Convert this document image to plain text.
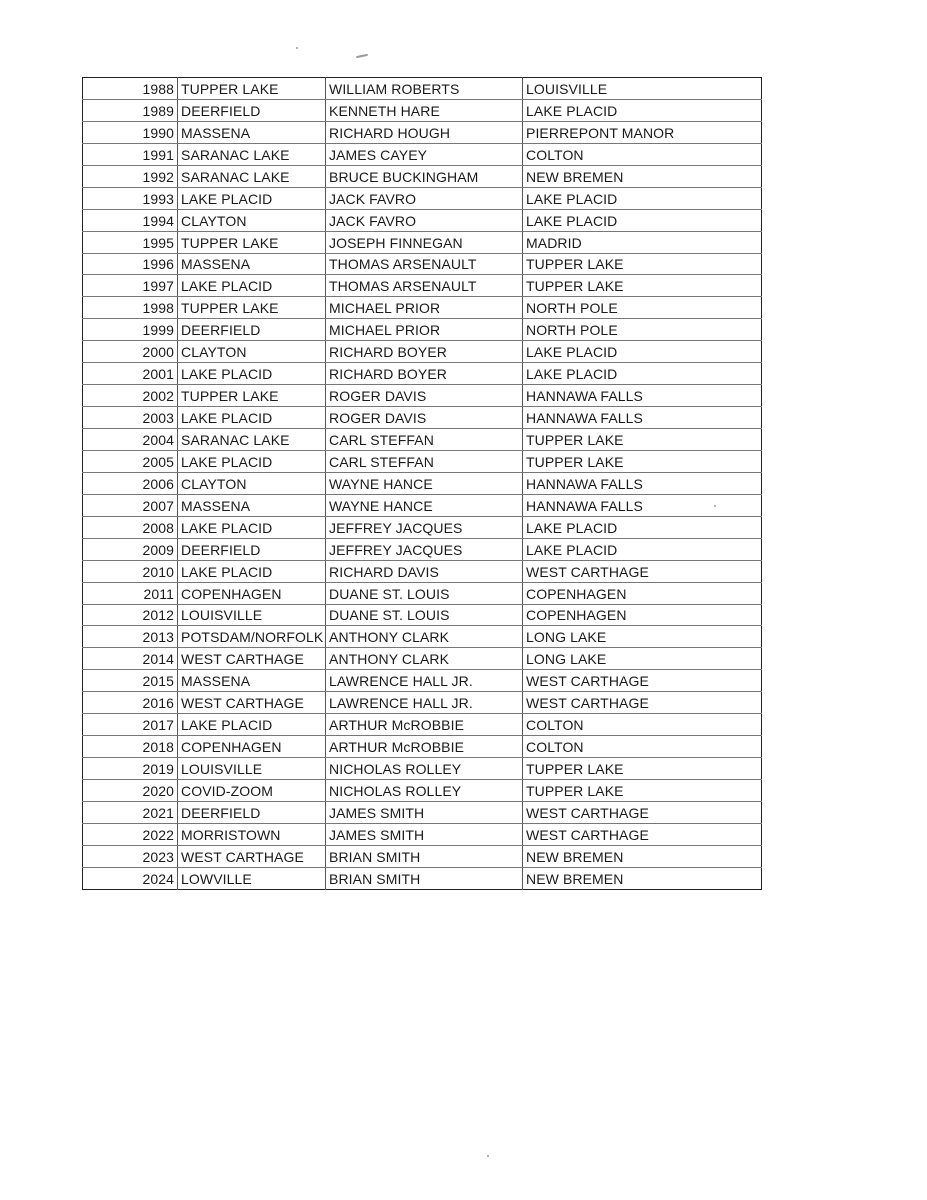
1988	TUPPER LAKE	WILLIAM ROBERTS	LOUISVILLE
1989	DEERFIELD	KENNETH HARE	LAKE PLACID
1990	MASSENA	RICHARD HOUGH	PIERREPONT MANOR
1991	SARANAC LAKE	JAMES CAYEY	COLTON
1992	SARANAC LAKE	BRUCE BUCKINGHAM	NEW BREMEN
1993	LAKE PLACID	JACK FAVRO	LAKE PLACID
1994	CLAYTON	JACK FAVRO	LAKE PLACID
1995	TUPPER LAKE	JOSEPH FINNEGAN	MADRID
1996	MASSENA	THOMAS ARSENAULT	TUPPER LAKE
1997	LAKE PLACID	THOMAS ARSENAULT	TUPPER LAKE
1998	TUPPER LAKE	MICHAEL PRIOR	NORTH POLE
1999	DEERFIELD	MICHAEL PRIOR	NORTH POLE
2000	CLAYTON	RICHARD BOYER	LAKE PLACID
2001	LAKE PLACID	RICHARD BOYER	LAKE PLACID
2002	TUPPER LAKE	ROGER DAVIS	HANNAWA FALLS
2003	LAKE PLACID	ROGER DAVIS	HANNAWA FALLS
2004	SARANAC LAKE	CARL STEFFAN	TUPPER LAKE
2005	LAKE PLACID	CARL STEFFAN	TUPPER LAKE
2006	CLAYTON	WAYNE HANCE	HANNAWA FALLS
2007	MASSENA	WAYNE HANCE	HANNAWA FALLS
2008	LAKE PLACID	JEFFREY JACQUES	LAKE PLACID
2009	DEERFIELD	JEFFREY JACQUES	LAKE PLACID
2010	LAKE PLACID	RICHARD DAVIS	WEST CARTHAGE
2011	COPENHAGEN	DUANE ST. LOUIS	COPENHAGEN
2012	LOUISVILLE	DUANE ST. LOUIS	COPENHAGEN
2013	POTSDAM/NORFOLK	ANTHONY CLARK	LONG LAKE
2014	WEST CARTHAGE	ANTHONY CLARK	LONG LAKE
2015	MASSENA	LAWRENCE HALL JR.	WEST CARTHAGE
2016	WEST CARTHAGE	LAWRENCE HALL JR.	WEST CARTHAGE
2017	LAKE PLACID	ARTHUR McROBBIE	COLTON
2018	COPENHAGEN	ARTHUR McROBBIE	COLTON
2019	LOUISVILLE	NICHOLAS ROLLEY	TUPPER LAKE
2020	COVID-ZOOM	NICHOLAS ROLLEY	TUPPER LAKE
2021	DEERFIELD	JAMES SMITH	WEST CARTHAGE
2022	MORRISTOWN	JAMES SMITH	WEST CARTHAGE
2023	WEST CARTHAGE	BRIAN SMITH	NEW BREMEN
2024	LOWVILLE	BRIAN SMITH	NEW BREMEN
